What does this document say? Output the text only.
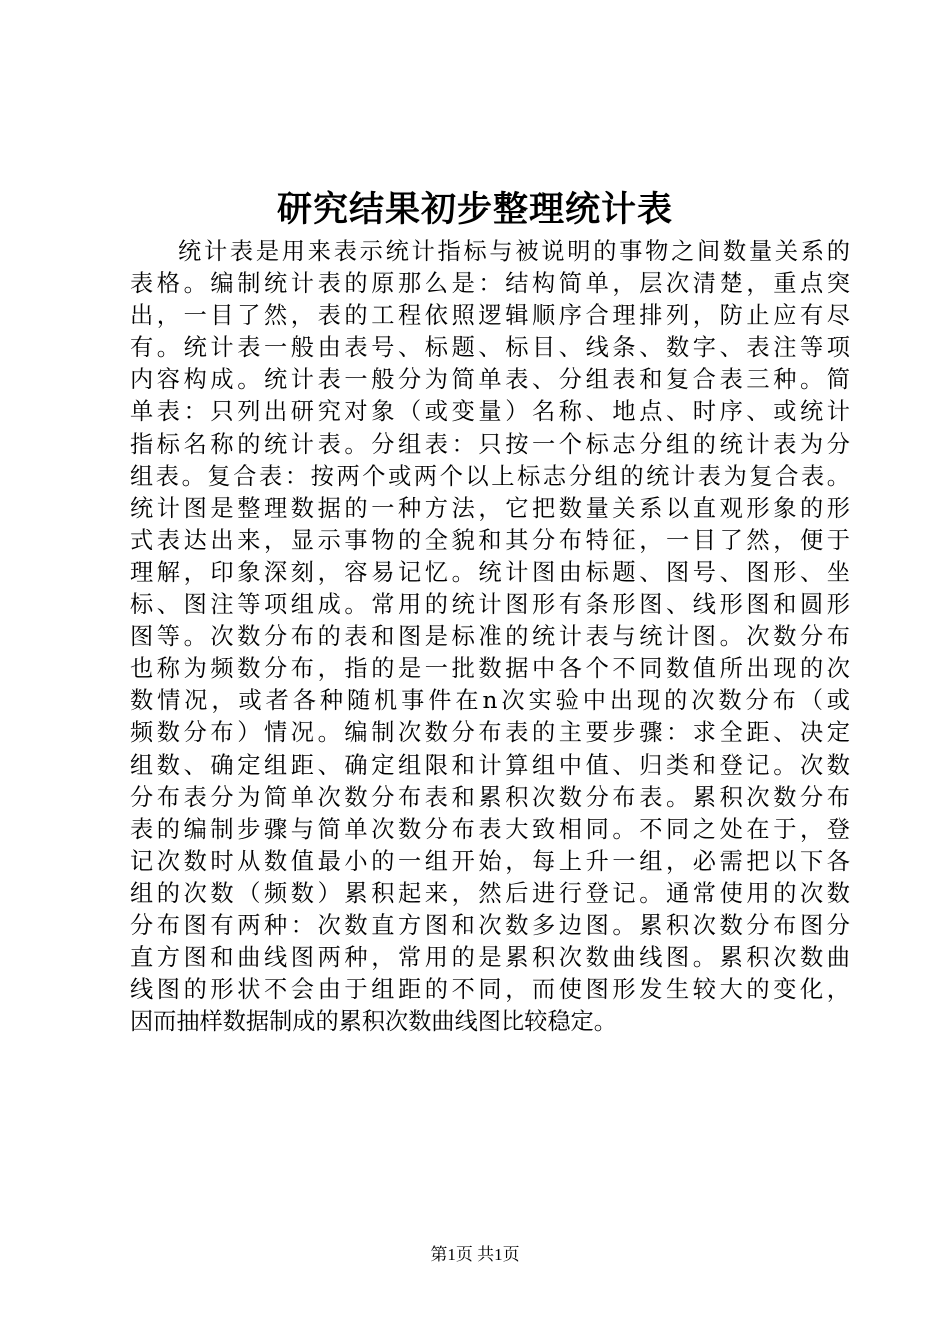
研究结果初步整理统计表
统计表是用来表示统计指标与被说明的事物之间数量关系的
表格。编制统计表的原那么是：结构简单，层次清楚，重点突
出，一目了然，表的工程依照逻辑顺序合理排列，防止应有尽
有。统计表一般由表号、标题、标目、线条、数字、表注等项
内容构成。统计表一般分为简单表、分组表和复合表三种。简
单表：只列出研究对象（或变量）名称、地点、时序、或统计
指标名称的统计表。分组表：只按一个标志分组的统计表为分
组表。复合表：按两个或两个以上标志分组的统计表为复合表。
统计图是整理数据的一种方法，它把数量关系以直观形象的形
式表达出来，显示事物的全貌和其分布特征，一目了然，便于
理解，印象深刻，容易记忆。统计图由标题、图号、图形、坐
标、图注等项组成。常用的统计图形有条形图、线形图和圆形
图等。次数分布的表和图是标准的统计表与统计图。次数分布
也称为频数分布，指的是一批数据中各个不同数值所出现的次
数情况，或者各种随机事件在n次实验中出现的次数分布（或
频数分布）情况。编制次数分布表的主要步骤：求全距、决定
组数、确定组距、确定组限和计算组中值、归类和登记。次数
分布表分为简单次数分布表和累积次数分布表。累积次数分布
表的编制步骤与简单次数分布表大致相同。不同之处在于，登
记次数时从数值最小的一组开始，每上升一组，必需把以下各
组的次数（频数）累积起来，然后进行登记。通常使用的次数
分布图有两种：次数直方图和次数多边图。累积次数分布图分
直方图和曲线图两种，常用的是累积次数曲线图。累积次数曲
线图的形状不会由于组距的不同，而使图形发生较大的变化，
因而抽样数据制成的累积次数曲线图比较稳定。
第1页 共1页
